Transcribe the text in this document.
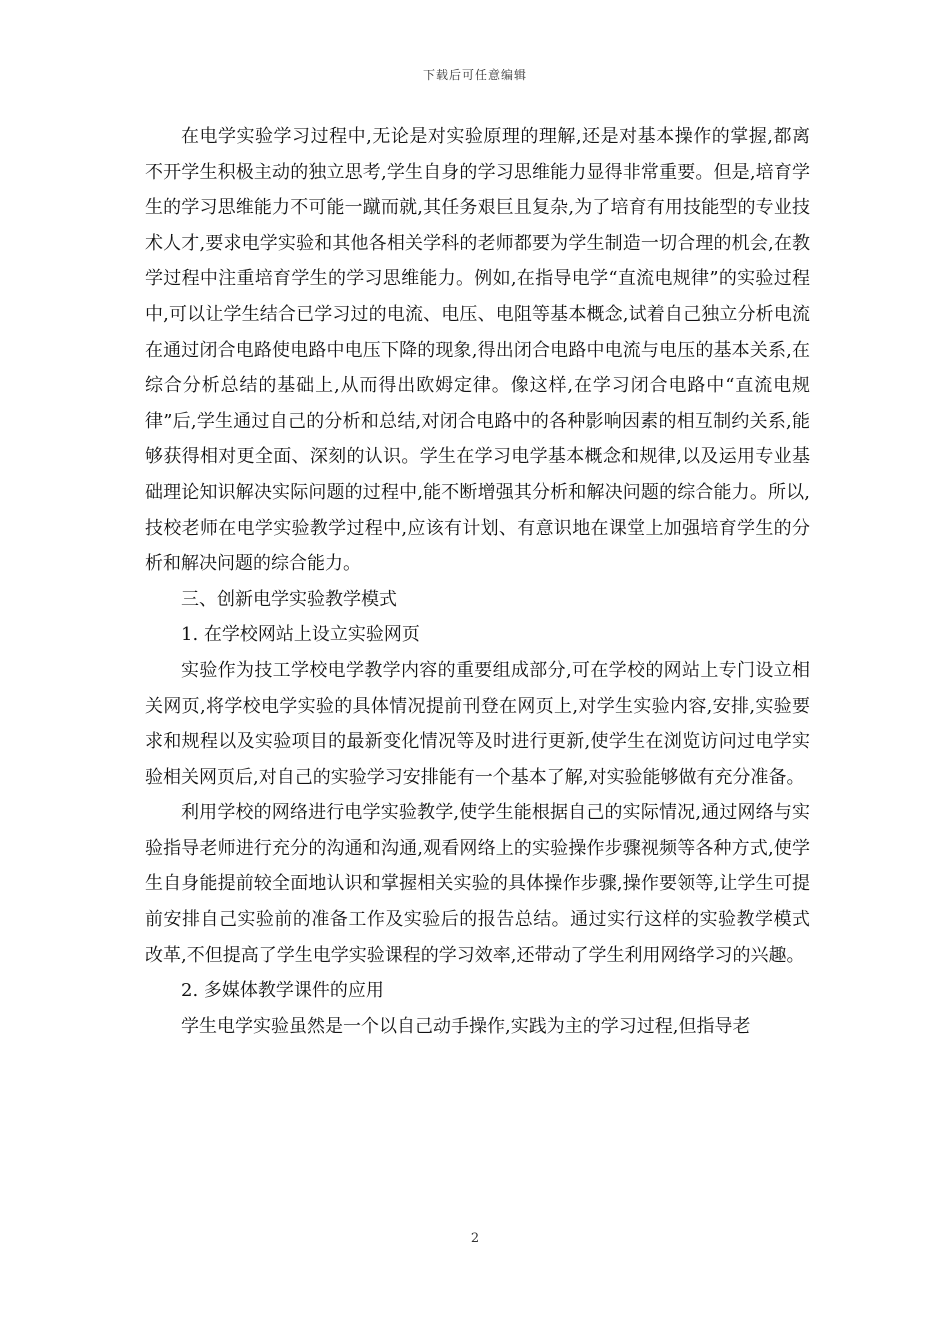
下载后可任意编辑

在电学实验学习过程中,无论是对实验原理的理解,还是对基本操作的掌握,都离不开学生积极主动的独立思考,学生自身的学习思维能力显得非常重要。但是,培育学生的学习思维能力不可能一蹴而就,其任务艰巨且复杂,为了培育有用技能型的专业技术人才,要求电学实验和其他各相关学科的老师都要为学生制造一切合理的机会,在教学过程中注重培育学生的学习思维能力。例如,在指导电学“直流电规律”的实验过程中,可以让学生结合已学习过的电流、电压、电阻等基本概念,试着自己独立分析电流在通过闭合电路使电路中电压下降的现象,得出闭合电路中电流与电压的基本关系,在综合分析总结的基础上,从而得出欧姆定律。像这样,在学习闭合电路中“直流电规律”后,学生通过自己的分析和总结,对闭合电路中的各种影响因素的相互制约关系,能够获得相对更全面、深刻的认识。学生在学习电学基本概念和规律,以及运用专业基础理论知识解决实际问题的过程中,能不断增强其分析和解决问题的综合能力。所以,技校老师在电学实验教学过程中,应该有计划、有意识地在课堂上加强培育学生的分析和解决问题的综合能力。

三、创新电学实验教学模式

1. 在学校网站上设立实验网页

实验作为技工学校电学教学内容的重要组成部分,可在学校的网站上专门设立相关网页,将学校电学实验的具体情况提前刊登在网页上,对学生实验内容,安排,实验要求和规程以及实验项目的最新变化情况等及时进行更新,使学生在浏览访问过电学实验相关网页后,对自己的实验学习安排能有一个基本了解,对实验能够做有充分准备。

利用学校的网络进行电学实验教学,使学生能根据自己的实际情况,通过网络与实验指导老师进行充分的沟通和沟通,观看网络上的实验操作步骤视频等各种方式,使学生自身能提前较全面地认识和掌握相关实验的具体操作步骤,操作要领等,让学生可提前安排自己实验前的准备工作及实验后的报告总结。通过实行这样的实验教学模式改革,不但提高了学生电学实验课程的学习效率,还带动了学生利用网络学习的兴趣。

2. 多媒体教学课件的应用

学生电学实验虽然是一个以自己动手操作,实践为主的学习过程,但指导老

2
